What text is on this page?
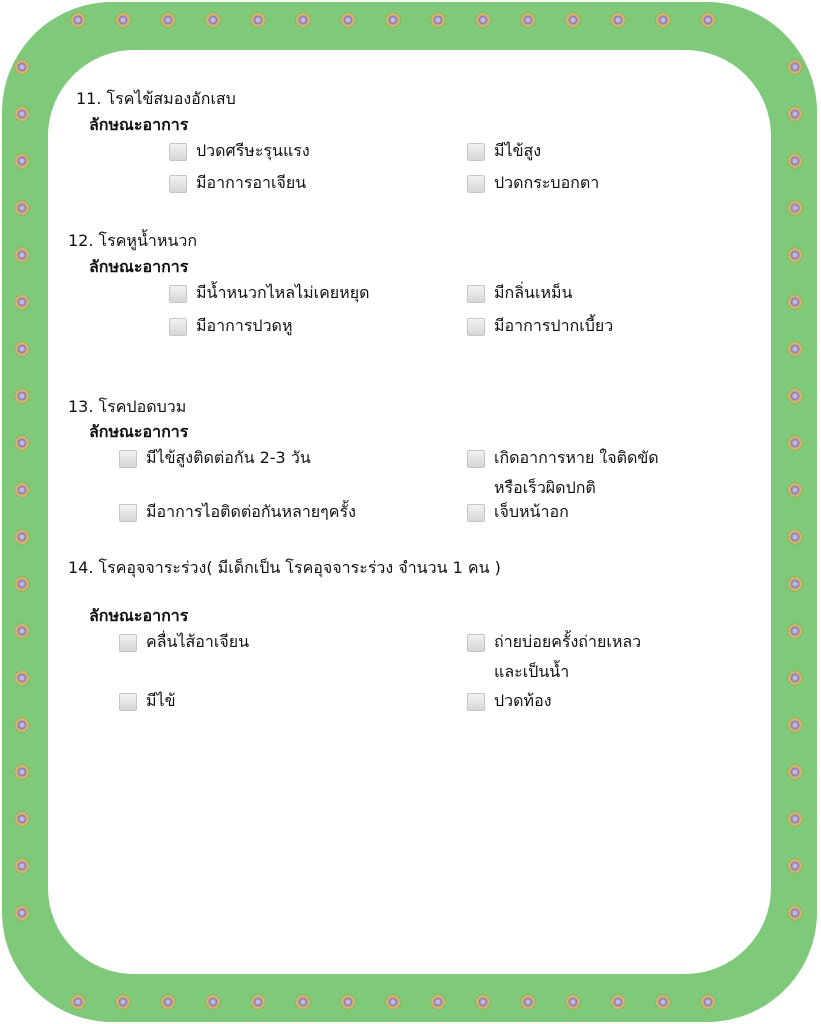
11. โรคไข้สมองอักเสบ
ลักษณะอาการ
ปวดศรีษะรุนแรง	มีไข้สูง
มีอาการอาเจียน	ปวดกระบอกตา
12. โรคหูน้ำหนวก
ลักษณะอาการ
มีน้ำหนวกไหลไม่เคยหยุด	มีกลิ่นเหม็น
มีอาการปวดหู	มีอาการปากเบี้ยว
13. โรคปอดบวม
ลักษณะอาการ
มีไข้สูงติดต่อกัน 2-3 วัน	เกิดอาการหาย ใจติดขัด
หรือเร็วผิดปกติ
มีอาการไอติดต่อกันหลายๆครั้ง	เจ็บหน้าอก
14. โรคอุจจาระร่วง( มีเด็กเป็น โรคอุจจาระร่วง จำนวน 1 คน )
ลักษณะอาการ
คลื่นไส้อาเจียน	ถ่ายบ่อยครั้งถ่ายเหลว
และเป็นน้ำ
มีไข้	ปวดท้อง
